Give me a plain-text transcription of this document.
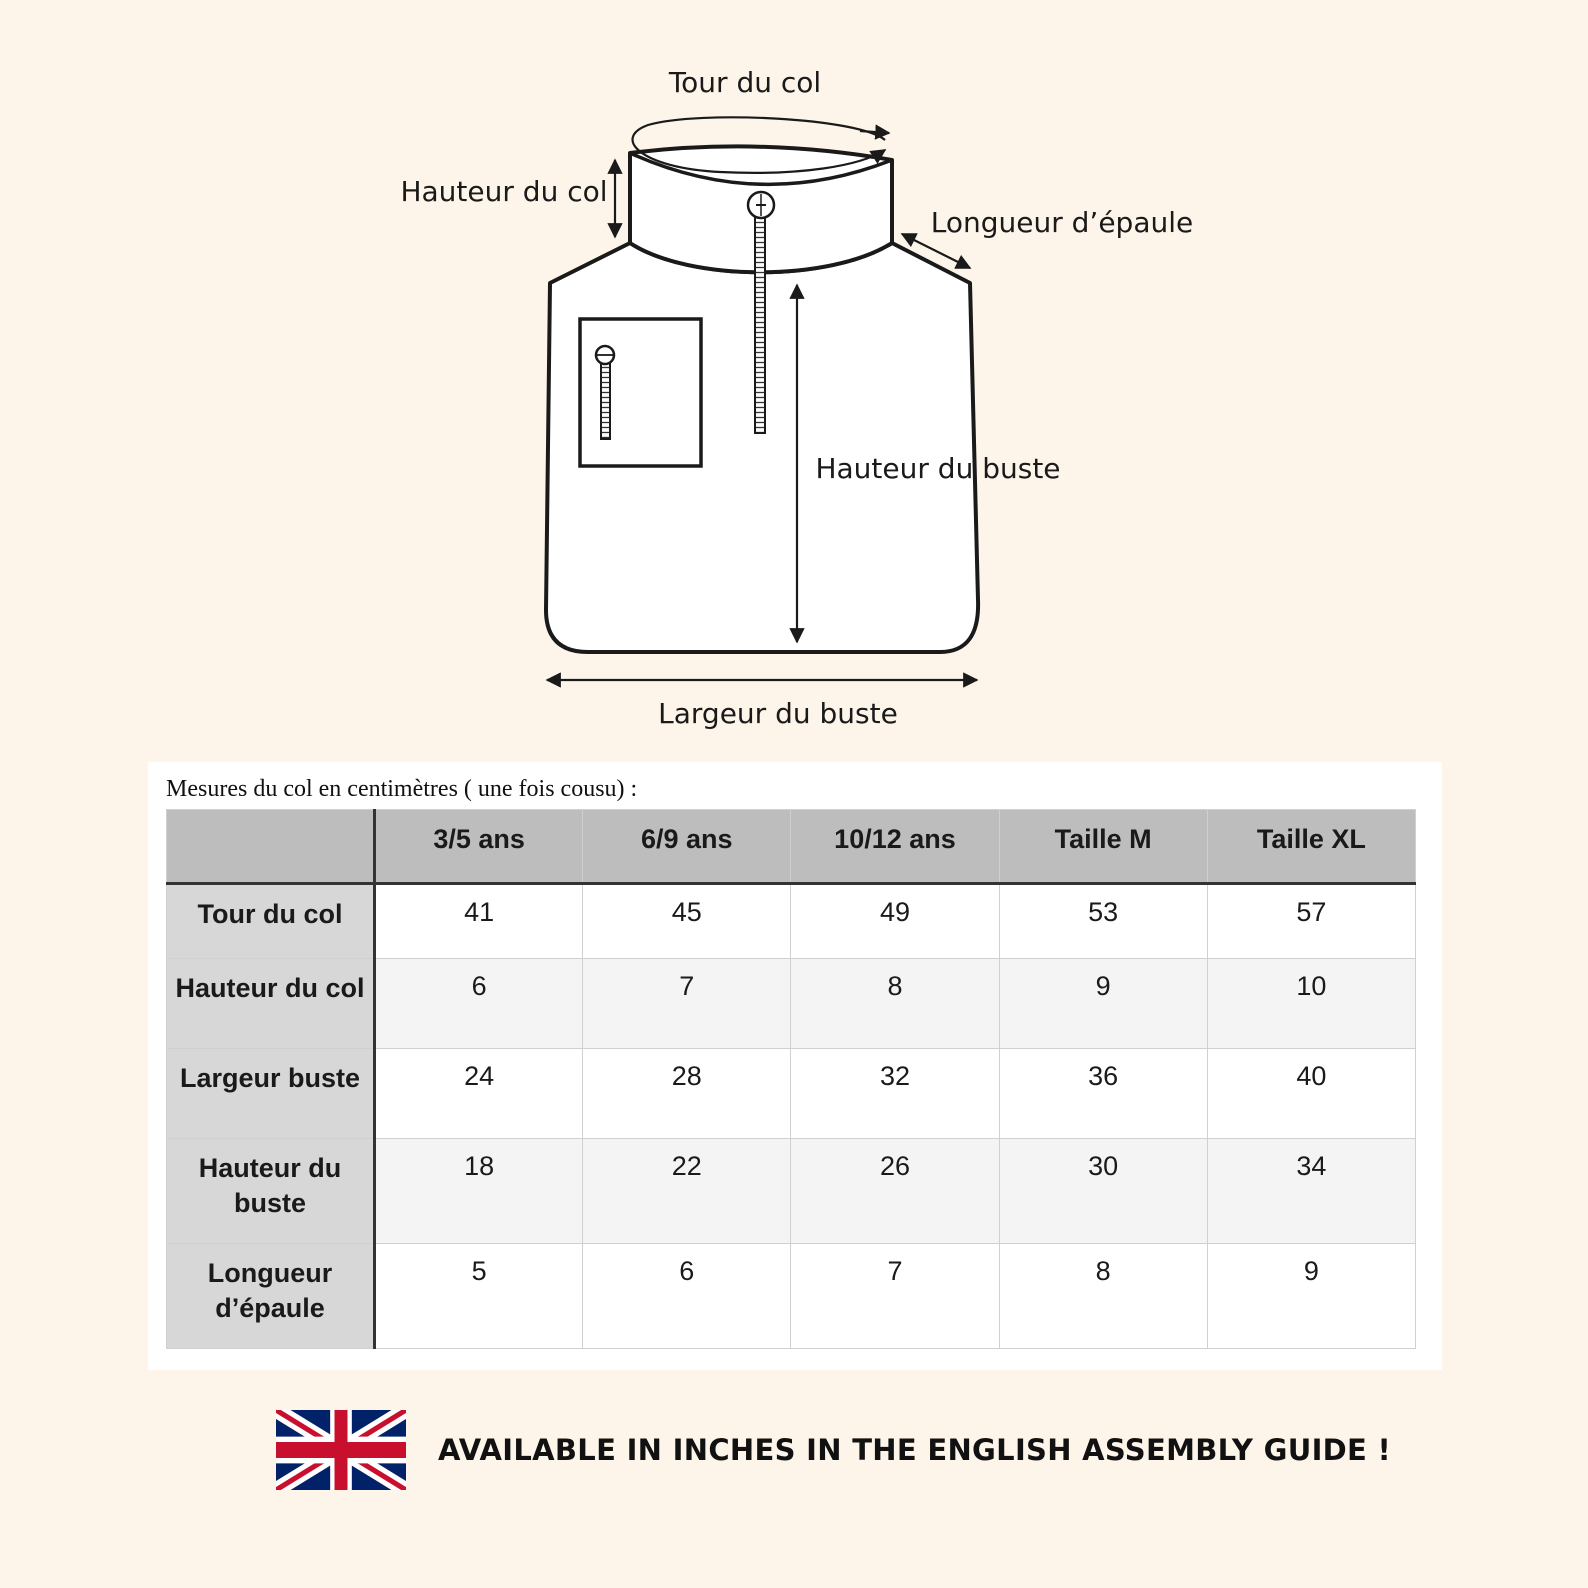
Tour du col
Hauteur du col
Longueur d’épaule
Hauteur du buste
Largeur du buste
Mesures du col en centimètres ( une fois cousu) :
	3/5 ans	6/9 ans	10/12 ans	Taille M	Taille XL
Tour du col	41	45	49	53	57
Hauteur du col	6	7	8	9	10
Largeur buste	24	28	32	36	40
Hauteur du buste	18	22	26	30	34
Longueur d’épaule	5	6	7	8	9
AVAILABLE IN INCHES IN THE ENGLISH ASSEMBLY GUIDE !
